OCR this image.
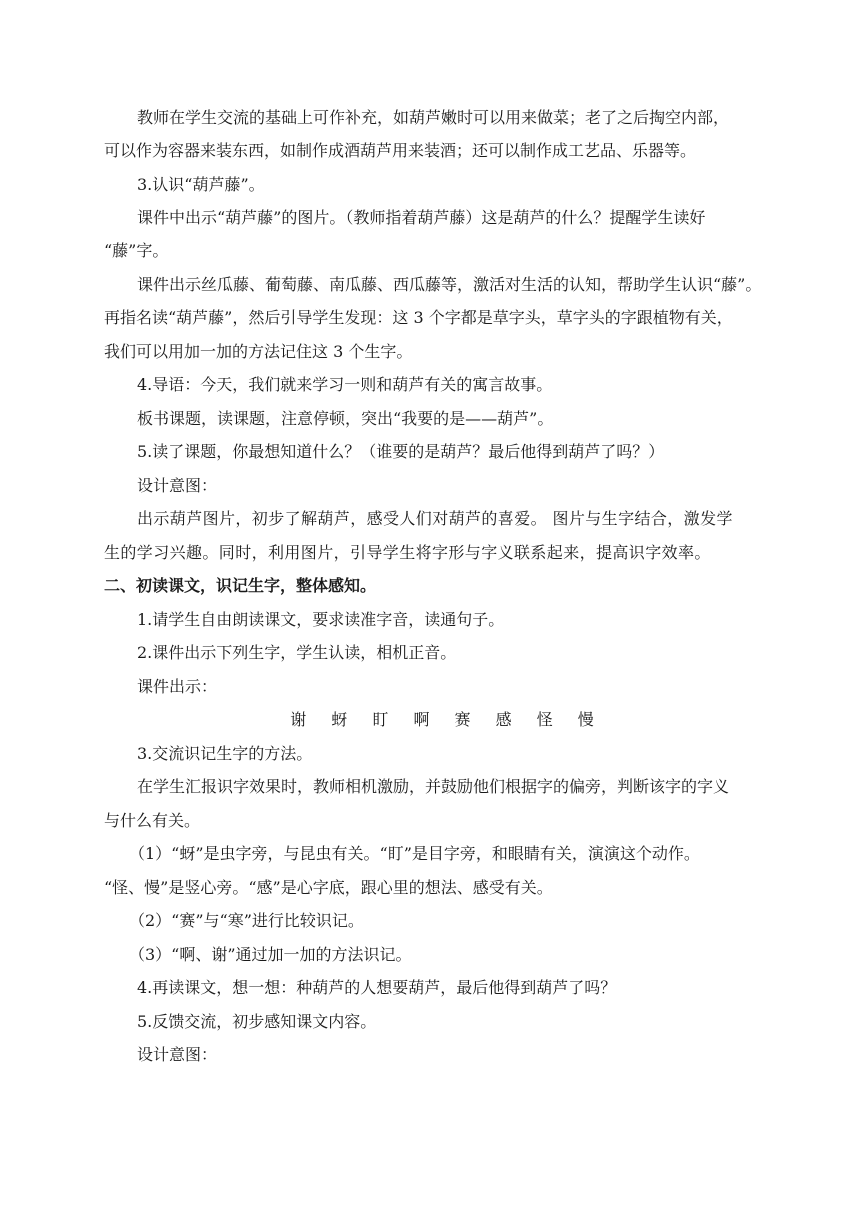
教师在学生交流的基础上可作补充，如葫芦嫩时可以用来做菜；老了之后掏空内部，
可以作为容器来装东西，如制作成酒葫芦用来装酒；还可以制作成工艺品、乐器等。
3.认识“葫芦藤”。
课件中出示“葫芦藤”的图片。（教师指着葫芦藤）这是葫芦的什么？提醒学生读好
“藤”字。
课件出示丝瓜藤、葡萄藤、南瓜藤、西瓜藤等，激活对生活的认知，帮助学生认识“藤”。
再指名读“葫芦藤”，然后引导学生发现：这 3 个字都是草字头，草字头的字跟植物有关，
我们可以用加一加的方法记住这 3 个生字。
4.导语：今天，我们就来学习一则和葫芦有关的寓言故事。
板书课题，读课题，注意停顿，突出“我要的是——葫芦”。
5.读了课题，你最想知道什么？（谁要的是葫芦？最后他得到葫芦了吗？）
设计意图：
出示葫芦图片，初步了解葫芦，感受人们对葫芦的喜爱。 图片与生字结合，激发学
生的学习兴趣。同时，利用图片，引导学生将字形与字义联系起来，提高识字效率。
二、初读课文，识记生字，整体感知。
1.请学生自由朗读课文，要求读准字音，读通句子。
2.课件出示下列生字，学生认读，相机正音。
课件出示：
谢 蚜 盯 啊 赛 感 怪 慢
3.交流识记生字的方法。
在学生汇报识字效果时，教师相机激励，并鼓励他们根据字的偏旁，判断该字的字义
与什么有关。
（1）“蚜”是虫字旁，与昆虫有关。“盯”是目字旁，和眼睛有关，演演这个动作。
“怪、慢”是竖心旁。“感”是心字底，跟心里的想法、感受有关。
（2）“赛”与“寒”进行比较识记。
（3）“啊、谢”通过加一加的方法识记。
4.再读课文，想一想：种葫芦的人想要葫芦，最后他得到葫芦了吗？
5.反馈交流，初步感知课文内容。
设计意图：
